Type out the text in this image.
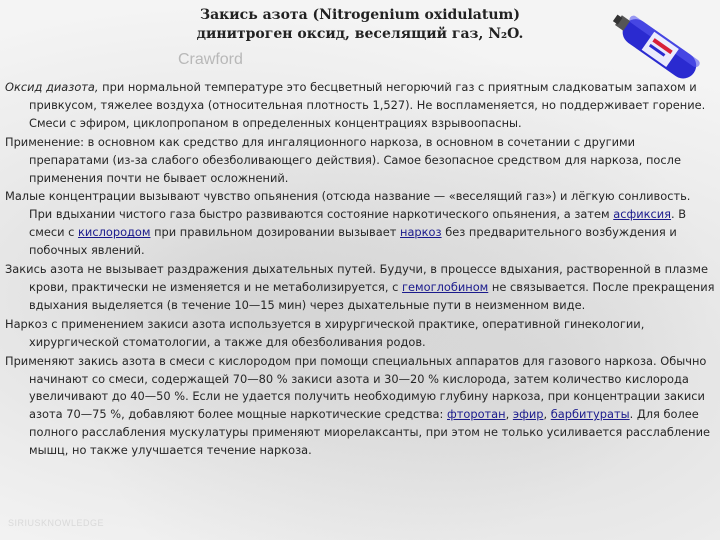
Закись азота (Nitrogenium oxidulatum)
динитроген оксид, веселящий газ, N₂O.
Crawford

Оксид диазота, при нормальной температуре это бесцветный негорючий газ с приятным сладковатым запахом и привкусом, тяжелее воздуха (относительная плотность 1,527). Не воспламеняется, но поддерживает горение. Смеси с эфиром, циклопропаном в определенных концентрациях взрывоопасны.

Применение: в основном как средство для ингаляционного наркоза, в основном в сочетании с другими препаратами (из-за слабого обезболивающего действия). Самое безопасное средством для наркоза, после применения почти не бывает осложнений.

Малые концентрации вызывают чувство опьянения (отсюда название — «веселящий газ») и лёгкую сонливость. При вдыхании чистого газа быстро развиваются состояние наркотического опьянения, а затем асфиксия. В смеси с кислородом при правильном дозировании вызывает наркоз без предварительного возбуждения и побочных явлений.

Закись азота не вызывает раздражения дыхательных путей. Будучи, в процессе вдыхания, растворенной в плазме крови, практически не изменяется и не метаболизируется, с гемоглобином не связывается. После прекращения вдыхания выделяется (в течение 10—15 мин) через дыхательные пути в неизменном виде.

Наркоз с применением закиси азота используется в хирургической практике, оперативной гинекологии, хирургической стоматологии, а также для обезболивания родов.

Применяют закись азота в смеси с кислородом при помощи специальных аппаратов для газового наркоза. Обычно начинают со смеси, содержащей 70—80 % закиси азота и 30—20 % кислорода, затем количество кислорода увеличивают до 40—50 %. Если не удается получить необходимую глубину наркоза, при концентрации закиси азота 70—75 %, добавляют более мощные наркотические средства: фторотан, эфир, барбитураты. Для более полного расслабления мускулатуры применяют миорелаксанты, при этом не только усиливается расслабление мышц, но также улучшается течение наркоза.

SIRIUSKNOWLEDGE
